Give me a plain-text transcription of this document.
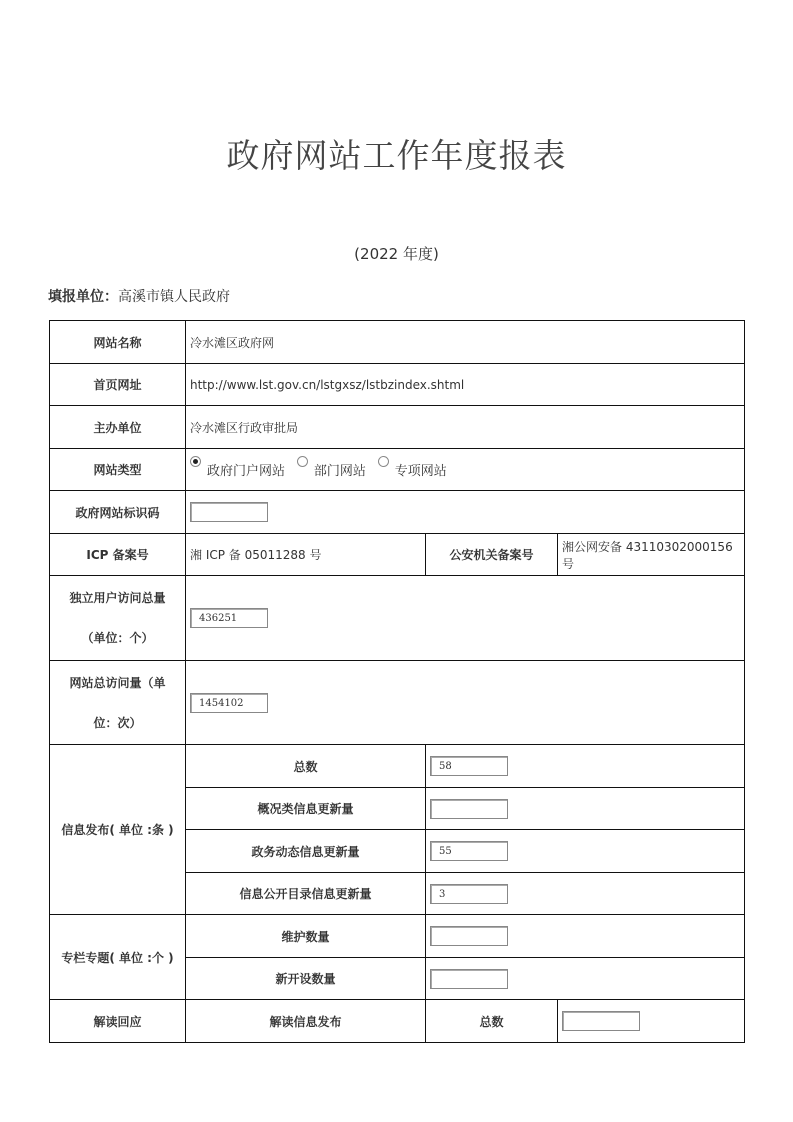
政府网站工作年度报表
(2022 年度)
填报单位：高溪市镇人民政府
网站名称	冷水滩区政府网		
首页网址	http://www.lst.gov.cn/lstgxsz/lstbzindex.shtml		
主办单位	冷水滩区行政审批局		
网站类型	政府门户网站 部门网站 专项网站		
政府网站标识码			
ICP 备案号	湘 ICP 备 05011288 号	公安机关备案号	湘公网安备 43110302000156 号

独立用户访问总量
（单位：个）	436251		

网站总访问量（单
位：次）	1454102		
信息发布( 单位 :条 )	总数	58	
	概况类信息更新量		
	政务动态信息更新量	55	
	信息公开目录信息更新量	3	
专栏专题( 单位 :个 )	维护数量		
	新开设数量		
解读回应	解读信息发布	总数	
